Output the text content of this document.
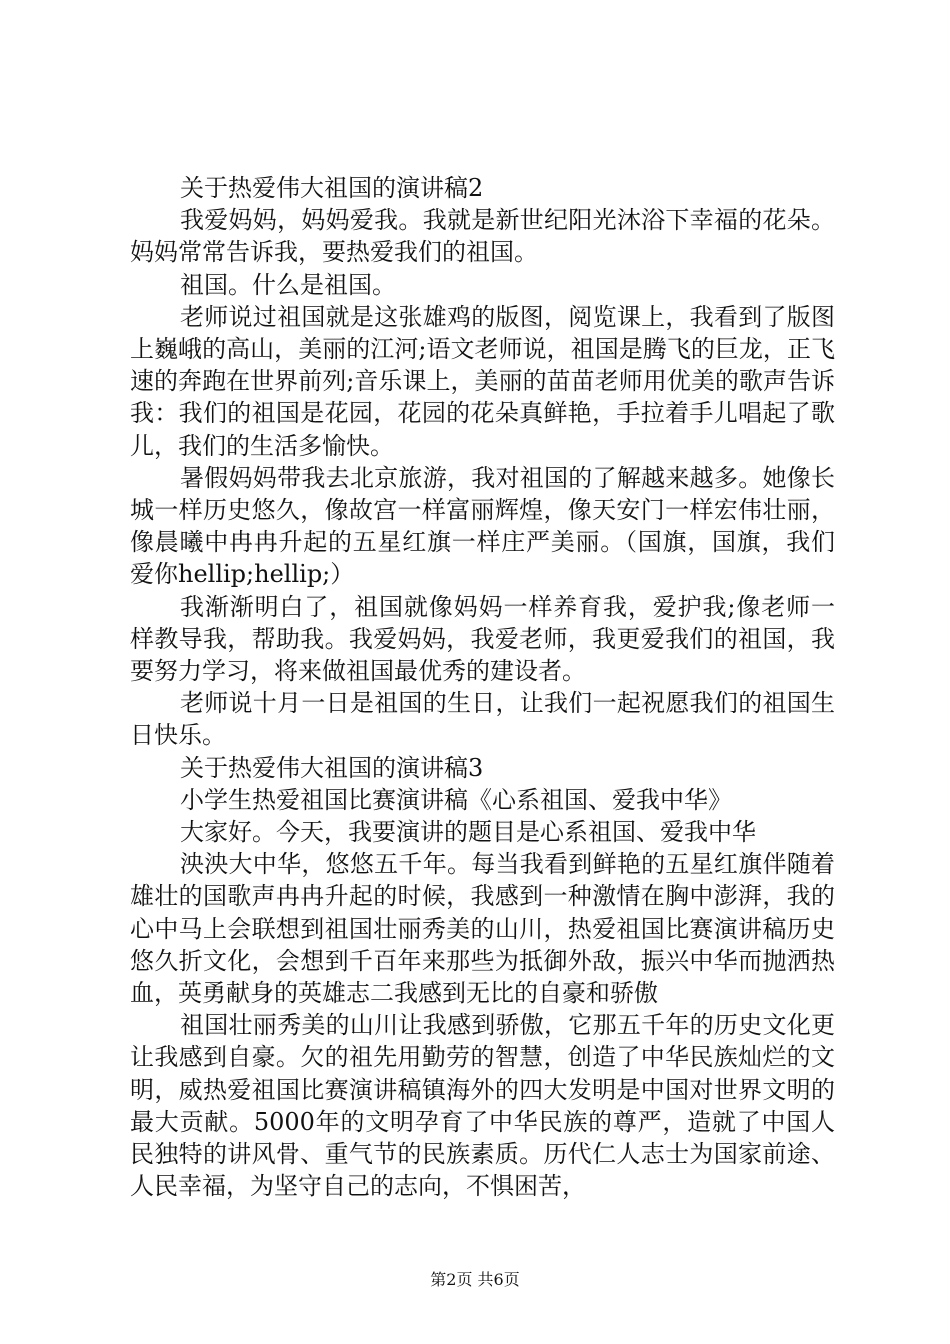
关于热爱伟大祖国的演讲稿2

我爱妈妈，妈妈爱我。我就是新世纪阳光沐浴下幸福的花朵。妈妈常常告诉我，要热爱我们的祖国。

祖国。什么是祖国。

老师说过祖国就是这张雄鸡的版图，阅览课上，我看到了版图上巍峨的高山，美丽的江河;语文老师说，祖国是腾飞的巨龙，正飞速的奔跑在世界前列;音乐课上，美丽的苗苗老师用优美的歌声告诉我：我们的祖国是花园，花园的花朵真鲜艳，手拉着手儿唱起了歌儿，我们的生活多愉快。

暑假妈妈带我去北京旅游，我对祖国的了解越来越多。她像长城一样历史悠久，像故宫一样富丽辉煌，像天安门一样宏伟壮丽，像晨曦中冉冉升起的五星红旗一样庄严美丽。（国旗，国旗，我们爱你hellip;hellip;）

我渐渐明白了，祖国就像妈妈一样养育我，爱护我;像老师一样教导我，帮助我。我爱妈妈，我爱老师，我更爱我们的祖国，我要努力学习，将来做祖国最优秀的建设者。

老师说十月一日是祖国的生日，让我们一起祝愿我们的祖国生日快乐。

关于热爱伟大祖国的演讲稿3

小学生热爱祖国比赛演讲稿《心系祖国、爱我中华》

大家好。今天，我要演讲的题目是心系祖国、爱我中华

泱泱大中华，悠悠五千年。每当我看到鲜艳的五星红旗伴随着雄壮的国歌声冉冉升起的时候，我感到一种激情在胸中澎湃，我的心中马上会联想到祖国壮丽秀美的山川，热爱祖国比赛演讲稿历史悠久折文化，会想到千百年来那些为抵御外敌，振兴中华而抛洒热血，英勇献身的英雄志二我感到无比的自豪和骄傲

祖国壮丽秀美的山川让我感到骄傲，它那五千年的历史文化更让我感到自豪。欠的祖先用勤劳的智慧，创造了中华民族灿烂的文明，威热爱祖国比赛演讲稿镇海外的四大发明是中国对世界文明的最大贡献。5000年的文明孕育了中华民族的尊严，造就了中国人民独特的讲风骨、重气节的民族素质。历代仁人志士为国家前途、人民幸福，为坚守自己的志向，不惧困苦，

第2页 共6页
